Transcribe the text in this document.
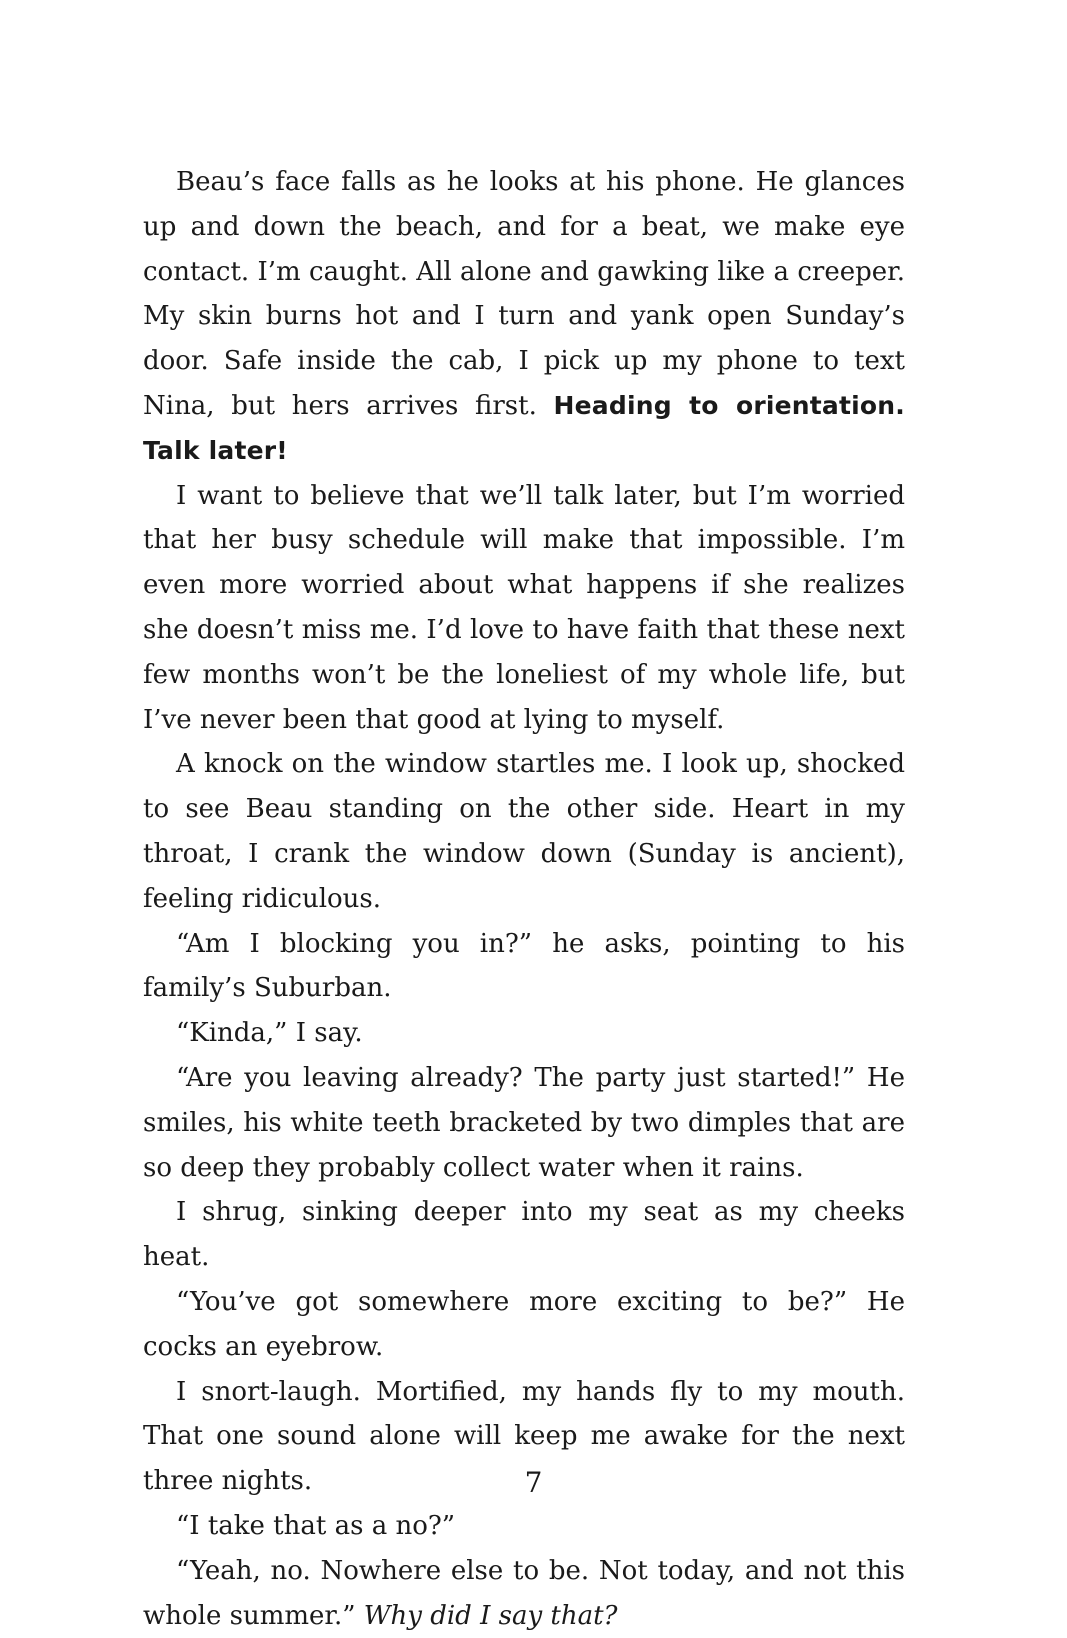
Beau’s face falls as he looks at his phone. He glances up and down the beach, and for a beat, we make eye contact. I’m caught. All alone and gawking like a creeper. My skin burns hot and I turn and yank open Sunday’s door. Safe inside the cab, I pick up my phone to text Nina, but hers arrives first. Heading to orientation. Talk later!

I want to believe that we’ll talk later, but I’m worried that her busy schedule will make that impossible. I’m even more worried about what happens if she realizes she doesn’t miss me. I’d love to have faith that these next few months won’t be the loneliest of my whole life, but I’ve never been that good at lying to myself.

A knock on the window startles me. I look up, shocked to see Beau standing on the other side. Heart in my throat, I crank the window down (Sunday is ancient), feeling ridiculous.

“Am I blocking you in?” he asks, pointing to his family’s Suburban.

“Kinda,” I say.

“Are you leaving already? The party just started!” He smiles, his white teeth bracketed by two dimples that are so deep they probably collect water when it rains.

I shrug, sinking deeper into my seat as my cheeks heat.

“You’ve got somewhere more exciting to be?” He cocks an eyebrow.

I snort-laugh. Mortified, my hands fly to my mouth. That one sound alone will keep me awake for the next three nights.

“I take that as a no?”

“Yeah, no. Nowhere else to be. Not today, and not this whole summer.” Why did I say that?

7
